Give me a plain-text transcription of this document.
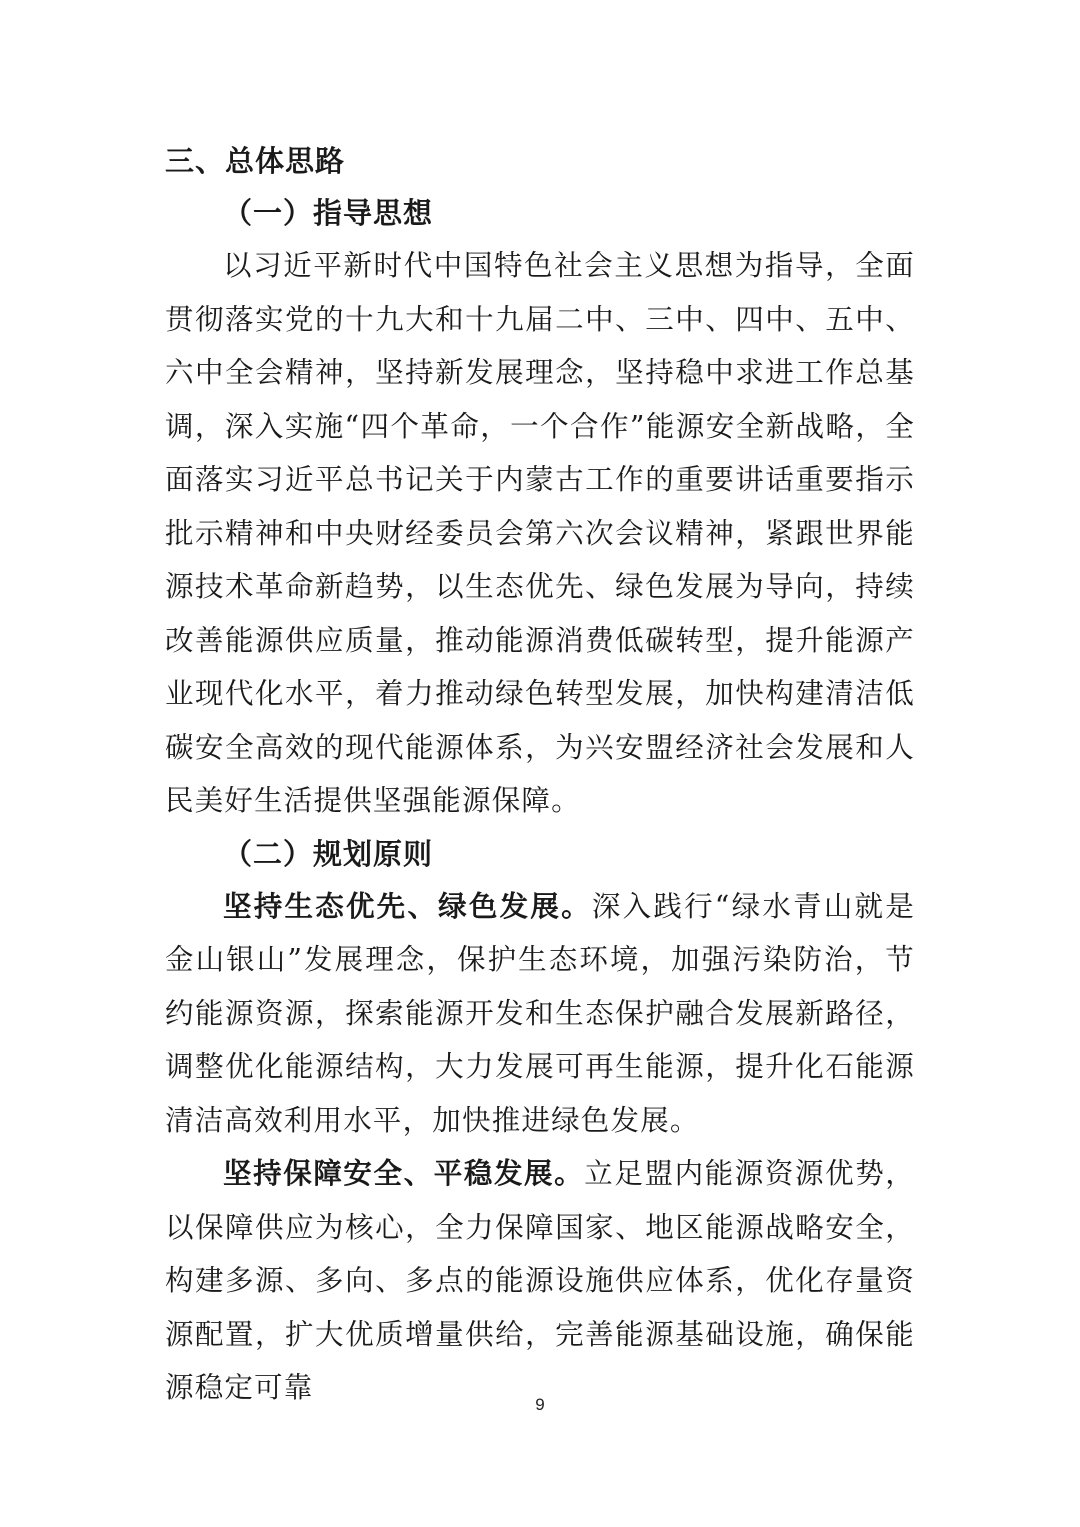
三、总体思路
（一）指导思想

以习近平新时代中国特色社会主义思想为指导，全面贯彻落实党的十九大和十九届二中、三中、四中、五中、六中全会精神，坚持新发展理念，坚持稳中求进工作总基调，深入实施“四个革命，一个合作”能源安全新战略，全面落实习近平总书记关于内蒙古工作的重要讲话重要指示批示精神和中央财经委员会第六次会议精神，紧跟世界能源技术革命新趋势，以生态优先、绿色发展为导向，持续改善能源供应质量，推动能源消费低碳转型，提升能源产业现代化水平，着力推动绿色转型发展，加快构建清洁低碳安全高效的现代能源体系，为兴安盟经济社会发展和人民美好生活提供坚强能源保障。

（二）规划原则

坚持生态优先、绿色发展。深入践行“绿水青山就是金山银山”发展理念，保护生态环境，加强污染防治，节约能源资源，探索能源开发和生态保护融合发展新路径，调整优化能源结构，大力发展可再生能源，提升化石能源清洁高效利用水平，加快推进绿色发展。

坚持保障安全、平稳发展。立足盟内能源资源优势，以保障供应为核心，全力保障国家、地区能源战略安全，构建多源、多向、多点的能源设施供应体系，优化存量资源配置，扩大优质增量供给，完善能源基础设施，确保能源稳定可靠

9
